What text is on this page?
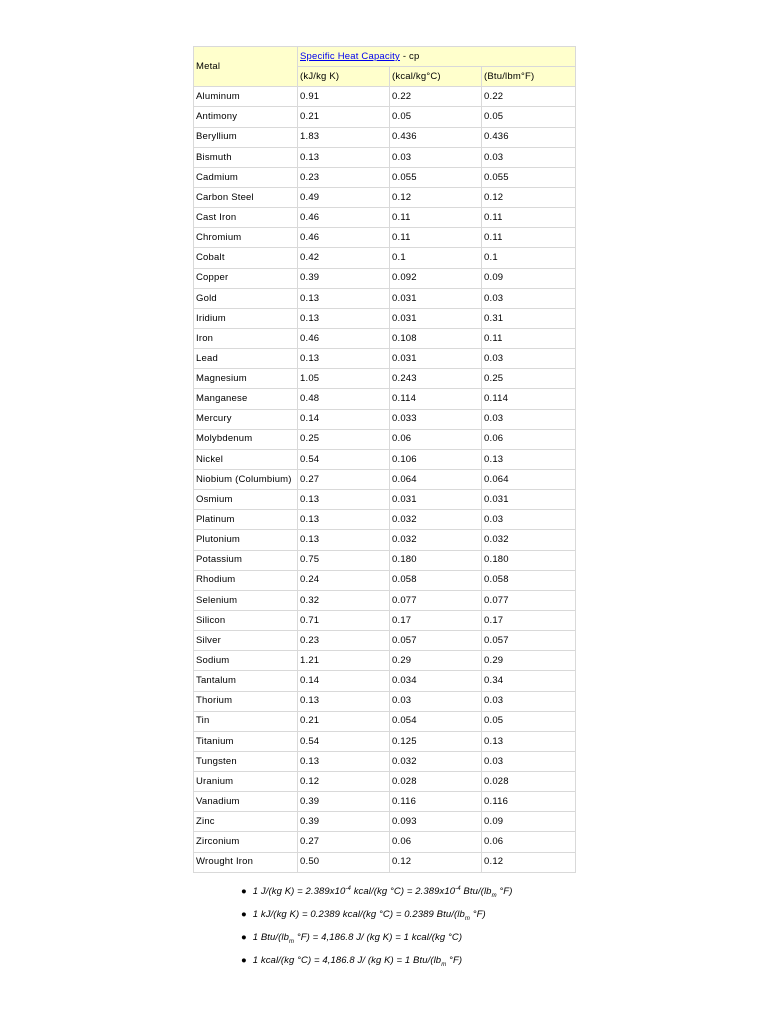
Metal	Specific Heat Capacity - cp		
	(kJ/kg K)	(kcal/kg°C)	(Btu/lbm°F)
Aluminum	0.91	0.22	0.22
Antimony	0.21	0.05	0.05
Beryllium	1.83	0.436	0.436
Bismuth	0.13	0.03	0.03
Cadmium	0.23	0.055	0.055
Carbon Steel	0.49	0.12	0.12
Cast Iron	0.46	0.11	0.11
Chromium	0.46	0.11	0.11
Cobalt	0.42	0.1	0.1
Copper	0.39	0.092	0.09
Gold	0.13	0.031	0.03
Iridium	0.13	0.031	0.31
Iron	0.46	0.108	0.11
Lead	0.13	0.031	0.03
Magnesium	1.05	0.243	0.25
Manganese	0.48	0.114	0.114
Mercury	0.14	0.033	0.03
Molybdenum	0.25	0.06	0.06
Nickel	0.54	0.106	0.13
Niobium (Columbium)	0.27	0.064	0.064
Osmium	0.13	0.031	0.031
Platinum	0.13	0.032	0.03
Plutonium	0.13	0.032	0.032
Potassium	0.75	0.180	0.180
Rhodium	0.24	0.058	0.058
Selenium	0.32	0.077	0.077
Silicon	0.71	0.17	0.17
Silver	0.23	0.057	0.057
Sodium	1.21	0.29	0.29
Tantalum	0.14	0.034	0.34
Thorium	0.13	0.03	0.03
Tin	0.21	0.054	0.05
Titanium	0.54	0.125	0.13
Tungsten	0.13	0.032	0.03
Uranium	0.12	0.028	0.028
Vanadium	0.39	0.116	0.116
Zinc	0.39	0.093	0.09
Zirconium	0.27	0.06	0.06
Wrought Iron	0.50	0.12	0.12
● 1 J/(kg $K) = 2.389x10^{-4}$ kcal/(kg $^\circ C) = 2.389x10^{-4}$ Btu/($lb_m$ °F)
● 1 kJ/(kg K) = 0.2389 kcal/(kg °C) = 0.2389 Btu/($lb_m$ °F)
● 1 Btu/($lb_m$ °F) = 4,186.8 J/ (kg K) = 1 kcal/(kg °C)
● 1 kcal/(kg °C) = 4,186.8 J/ (kg K) = 1 Btu/($lb_m$ °F)
